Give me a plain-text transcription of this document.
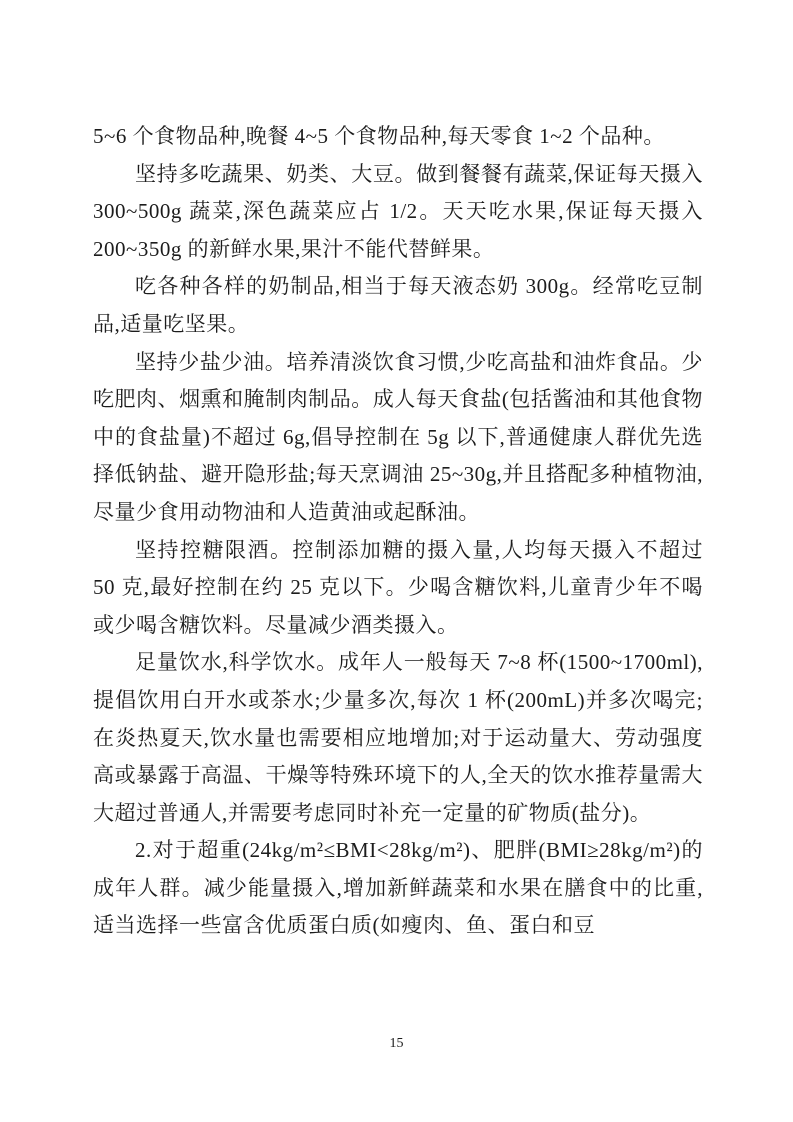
5~6 个食物品种,晚餐 4~5 个食物品种,每天零食 1~2 个品种。

坚持多吃蔬果、奶类、大豆。做到餐餐有蔬菜,保证每天摄入 300~500g 蔬菜,深色蔬菜应占 1/2。天天吃水果,保证每天摄入 200~350g 的新鲜水果,果汁不能代替鲜果。

吃各种各样的奶制品,相当于每天液态奶 300g。经常吃豆制品,适量吃坚果。

坚持少盐少油。培养清淡饮食习惯,少吃高盐和油炸食品。少吃肥肉、烟熏和腌制肉制品。成人每天食盐(包括酱油和其他食物中的食盐量)不超过 6g,倡导控制在 5g 以下,普通健康人群优先选择低钠盐、避开隐形盐;每天烹调油 25~30g,并且搭配多种植物油,尽量少食用动物油和人造黄油或起酥油。

坚持控糖限酒。控制添加糖的摄入量,人均每天摄入不超过 50 克,最好控制在约 25 克以下。少喝含糖饮料,儿童青少年不喝或少喝含糖饮料。尽量减少酒类摄入。

足量饮水,科学饮水。成年人一般每天 7~8 杯(1500~1700ml),提倡饮用白开水或茶水;少量多次,每次 1 杯(200mL)并多次喝完;在炎热夏天,饮水量也需要相应地增加;对于运动量大、劳动强度高或暴露于高温、干燥等特殊环境下的人,全天的饮水推荐量需大大超过普通人,并需要考虑同时补充一定量的矿物质(盐分)。

2.对于超重(24kg/m²≤BMI<28kg/m²)、肥胖(BMI≥28kg/m²)的成年人群。减少能量摄入,增加新鲜蔬菜和水果在膳食中的比重,适当选择一些富含优质蛋白质(如瘦肉、鱼、蛋白和豆

15
